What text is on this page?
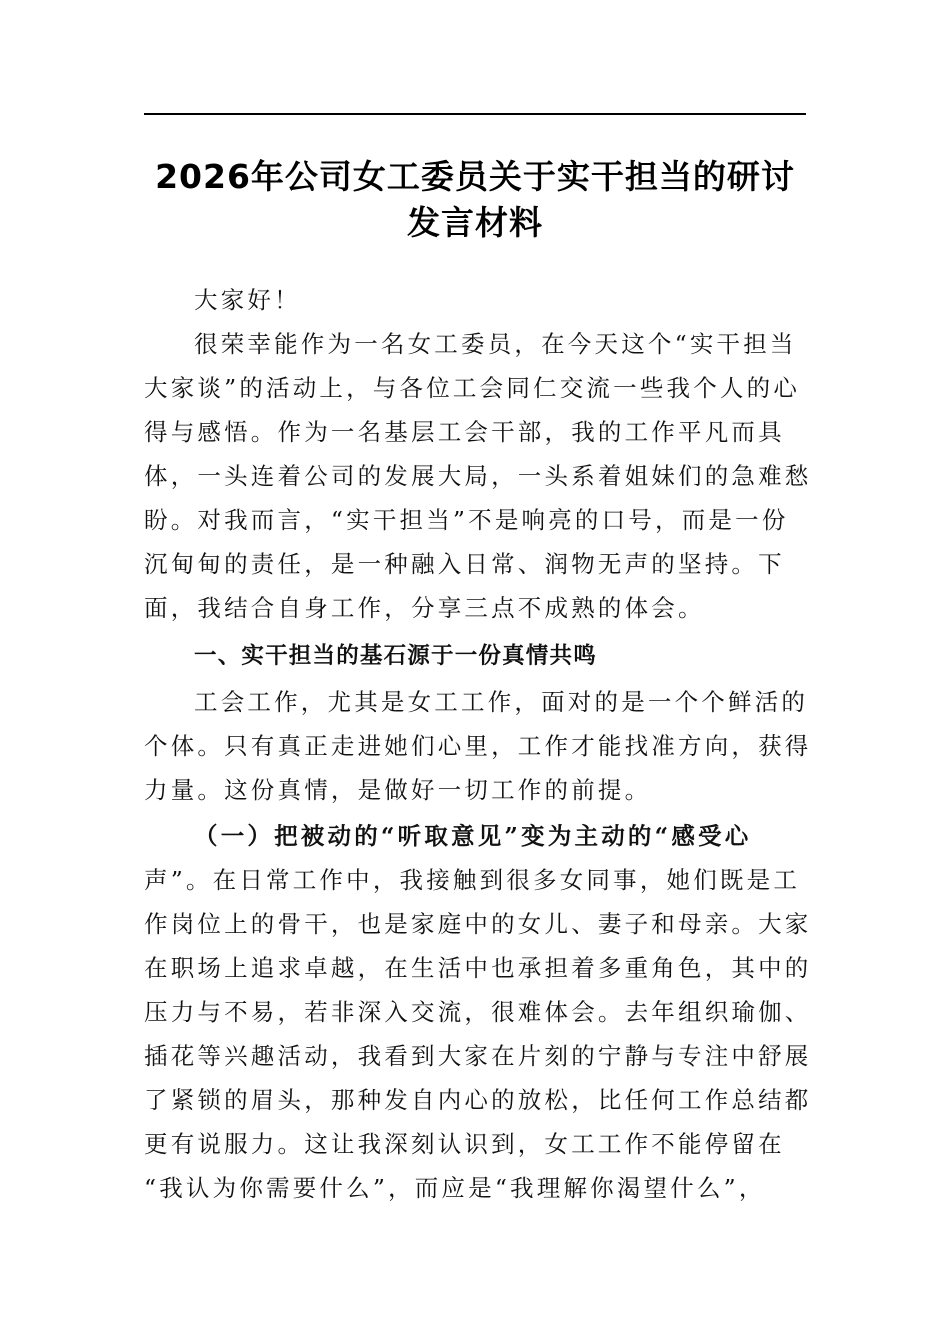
2026年公司女工委员关于实干担当的研讨
发言材料
大家好！
很荣幸能作为一名女工委员，在今天这个“实干担当
大家谈”的活动上，与各位工会同仁交流一些我个人的心
得与感悟。作为一名基层工会干部，我的工作平凡而具
体，一头连着公司的发展大局，一头系着姐妹们的急难愁
盼。对我而言，“实干担当”不是响亮的口号，而是一份
沉甸甸的责任，是一种融入日常、润物无声的坚持。下
面，我结合自身工作，分享三点不成熟的体会。
一、实干担当的基石源于一份真情共鸣
工会工作，尤其是女工工作，面对的是一个个鲜活的
个体。只有真正走进她们心里，工作才能找准方向，获得
力量。这份真情，是做好一切工作的前提。
（一）把被动的“听取意见”变为主动的“感受心
声”。在日常工作中，我接触到很多女同事，她们既是工
作岗位上的骨干，也是家庭中的女儿、妻子和母亲。大家
在职场上追求卓越，在生活中也承担着多重角色，其中的
压力与不易，若非深入交流，很难体会。去年组织瑜伽、
插花等兴趣活动，我看到大家在片刻的宁静与专注中舒展
了紧锁的眉头，那种发自内心的放松，比任何工作总结都
更有说服力。这让我深刻认识到，女工工作不能停留在
“我认为你需要什么”，而应是“我理解你渴望什么”，
